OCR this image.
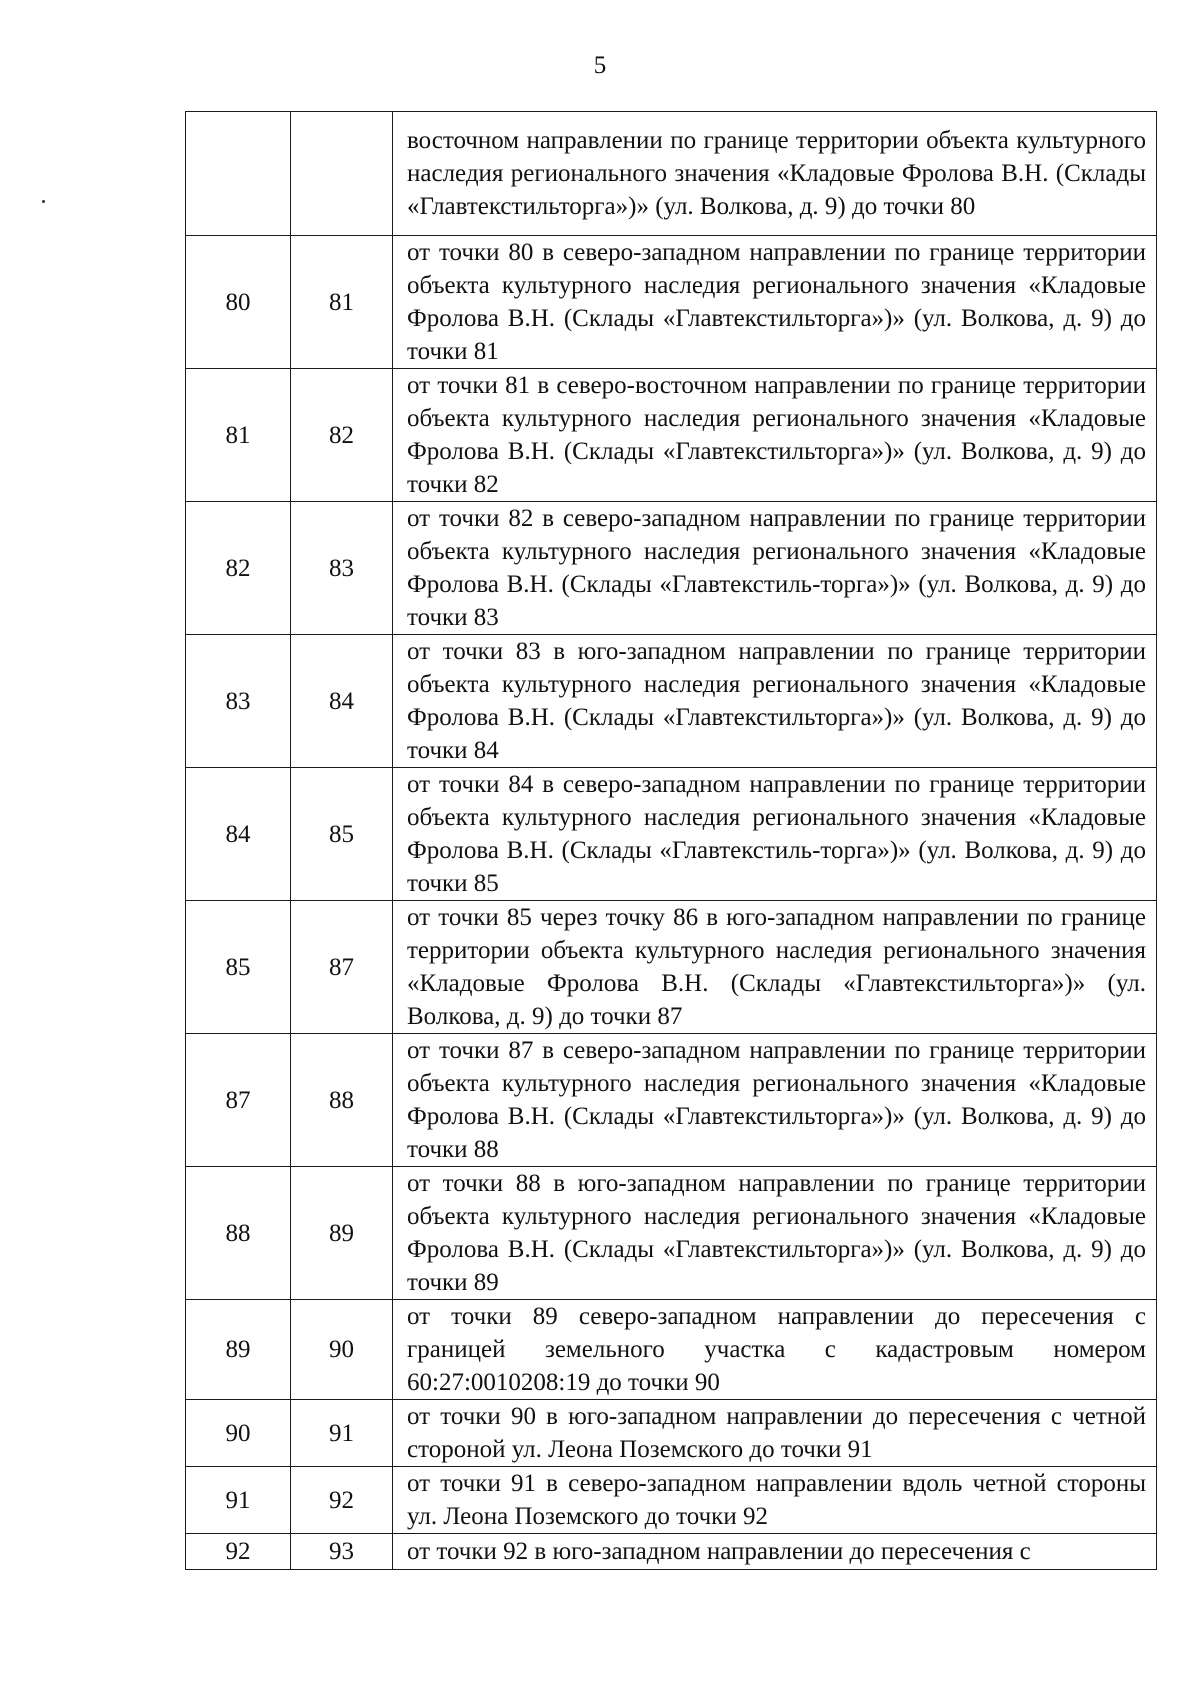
5
		восточном направлении по границе территории объекта культурного наследия регионального значения «Кладовые Фролова В.Н. (Склады «Главтекстильторга»)» (ул. Волкова, д. 9) до точки 80
80	81	от точки 80 в северо-западном направлении по границе территории объекта культурного наследия регионального значения «Кладовые Фролова В.Н. (Склады «Главтекстильторга»)» (ул. Волкова, д. 9) до точки 81
81	82	от точки 81 в северо-восточном направлении по границе территории объекта культурного наследия регионального значения «Кладовые Фролова В.Н. (Склады «Главтекстильторга»)» (ул. Волкова, д. 9) до точки 82
82	83	от точки 82 в северо-западном направлении по границе территории объекта культурного наследия регионального значения «Кладовые Фролова В.Н. (Склады «Главтекстиль-торга»)» (ул. Волкова, д. 9) до точки 83
83	84	от точки 83 в юго-западном направлении по границе территории объекта культурного наследия регионального значения «Кладовые Фролова В.Н. (Склады «Главтекстильторга»)» (ул. Волкова, д. 9) до точки 84
84	85	от точки 84 в северо-западном направлении по границе территории объекта культурного наследия регионального значения «Кладовые Фролова В.Н. (Склады «Главтекстиль-торга»)» (ул. Волкова, д. 9) до точки 85
85	87	от точки 85 через точку 86 в юго-западном направлении по границе территории объекта культурного наследия регионального значения «Кладовые Фролова В.Н. (Склады «Главтекстильторга»)» (ул. Волкова, д. 9) до точки 87
87	88	от точки 87 в северо-западном направлении по границе территории объекта культурного наследия регионального значения «Кладовые Фролова В.Н. (Склады «Главтекстильторга»)» (ул. Волкова, д. 9) до точки 88
88	89	от точки 88 в юго-западном направлении по границе территории объекта культурного наследия регионального значения «Кладовые Фролова В.Н. (Склады «Главтекстильторга»)» (ул. Волкова, д. 9) до точки 89
89	90	от точки 89 северо-западном направлении до пересечения с границей земельного участка с кадастровым номером 60:27:0010208:19 до точки 90
90	91	от точки 90 в юго-западном направлении до пересечения с четной стороной ул. Леона Поземского до точки 91
91	92	от точки 91 в северо-западном направлении вдоль четной стороны ул. Леона Поземского до точки 92
92	93	от точки 92 в юго-западном направлении до пересечения с
